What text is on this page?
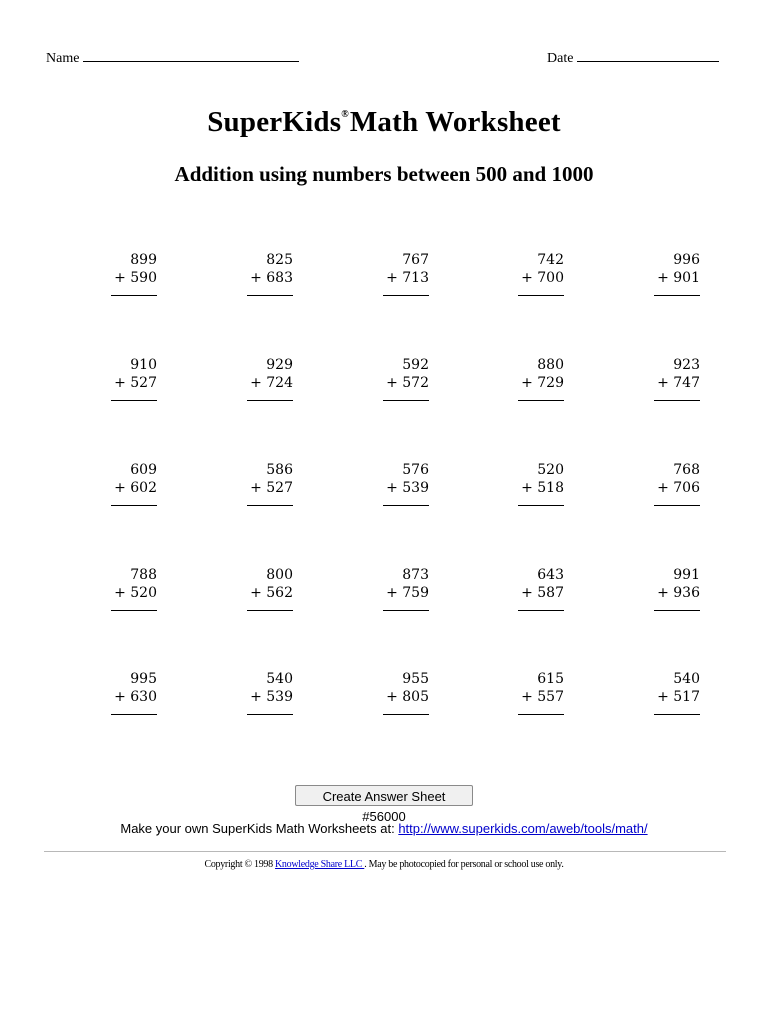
Name	Date
SuperKids®Math Worksheet
Addition using numbers between 500 and 1000
899
+ 590
825
+ 683
767
+ 713
742
+ 700
996
+ 901
910
+ 527
929
+ 724
592
+ 572
880
+ 729
923
+ 747
609
+ 602
586
+ 527
576
+ 539
520
+ 518
768
+ 706
788
+ 520
800
+ 562
873
+ 759
643
+ 587
991
+ 936
995
+ 630
540
+ 539
955
+ 805
615
+ 557
540
+ 517
Create Answer Sheet #56000
Make your own SuperKids Math Worksheets at: http://www.superkids.com/aweb/tools/math/
Copyright © 1998 Knowledge Share LLC . May be photocopied for personal or school use only.
